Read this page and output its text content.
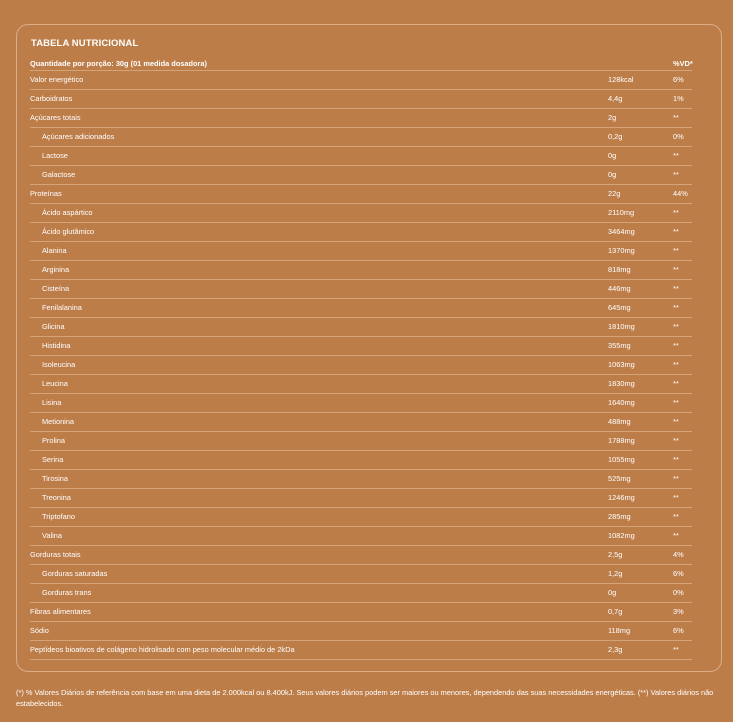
TABELA NUTRICIONAL
Quantidade por porção: 30g (01 medida dosadora)	%VD*
Valor energético	128kcal	6%
Carboidratos	4,4g	1%
Açúcares totais	2g	**
Açúcares adicionados	0,2g	0%
Lactose	0g	**
Galactose	0g	**
Proteínas	22g	44%
Ácido aspártico	2110mg	**
Ácido glutâmico	3464mg	**
Alanina	1370mg	**
Arginina	818mg	**
Cisteína	446mg	**
Fenilalanina	645mg	**
Glicina	1810mg	**
Histidina	355mg	**
Isoleucina	1063mg	**
Leucina	1830mg	**
Lisina	1640mg	**
Metionina	488mg	**
Prolina	1788mg	**
Serina	1055mg	**
Tirosina	525mg	**
Treonina	1246mg	**
Triptofano	285mg	**
Valina	1082mg	**
Gorduras totais	2,5g	4%
Gorduras saturadas	1,2g	6%
Gorduras trans	0g	0%
Fibras alimentares	0,7g	3%
Sódio	118mg	6%
Peptídeos bioativos de colágeno hidrolisado com peso molecular médio de 2kDa	2,3g	**
(*) % Valores Diários de referência com base em uma dieta de 2.000kcal ou 8.400kJ. Seus valores diários podem ser maiores ou menores, dependendo das suas necessidades energéticas. (**) Valores diários não estabelecidos.
